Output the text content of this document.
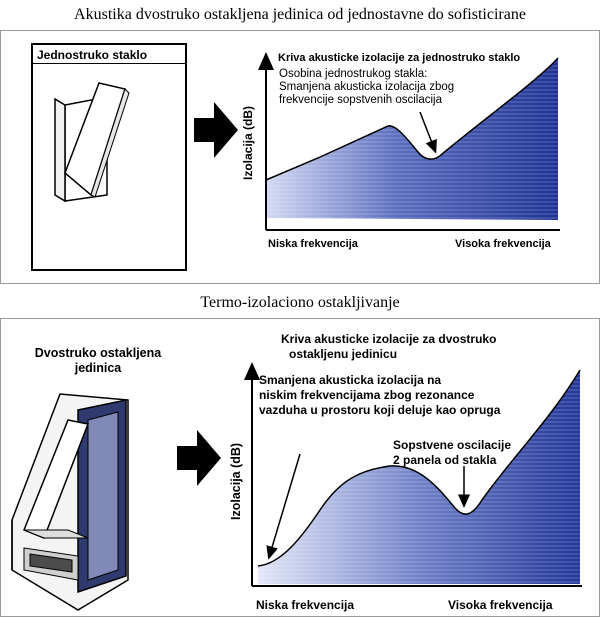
Akustika dvostruko ostakljena jedinica od jednostavne do sofisticirane
Jednostruko staklo
Izolacija (dB)
Kriva akusticke izolacije za jednostruko staklo
Osobina jednostrukog stakla:
Smanjena akusticka izolacija zbog
frekvencije sopstvenih oscilacija
Niska frekvencija	Visoka frekvencija
Termo-izolaciono ostakljivanje
Dvostruko ostakljena
jedinica
Izolacija (dB)
Kriva akusticke izolacije za dvostruko
ostakljenu jedinicu
Smanjena akusticka izolacija na
niskim frekvencijama zbog rezonance
vazduha u prostoru koji deluje kao opruga
Sopstvene oscilacije
2 panela od stakla
Niska frekvencija	Visoka frekvencija
